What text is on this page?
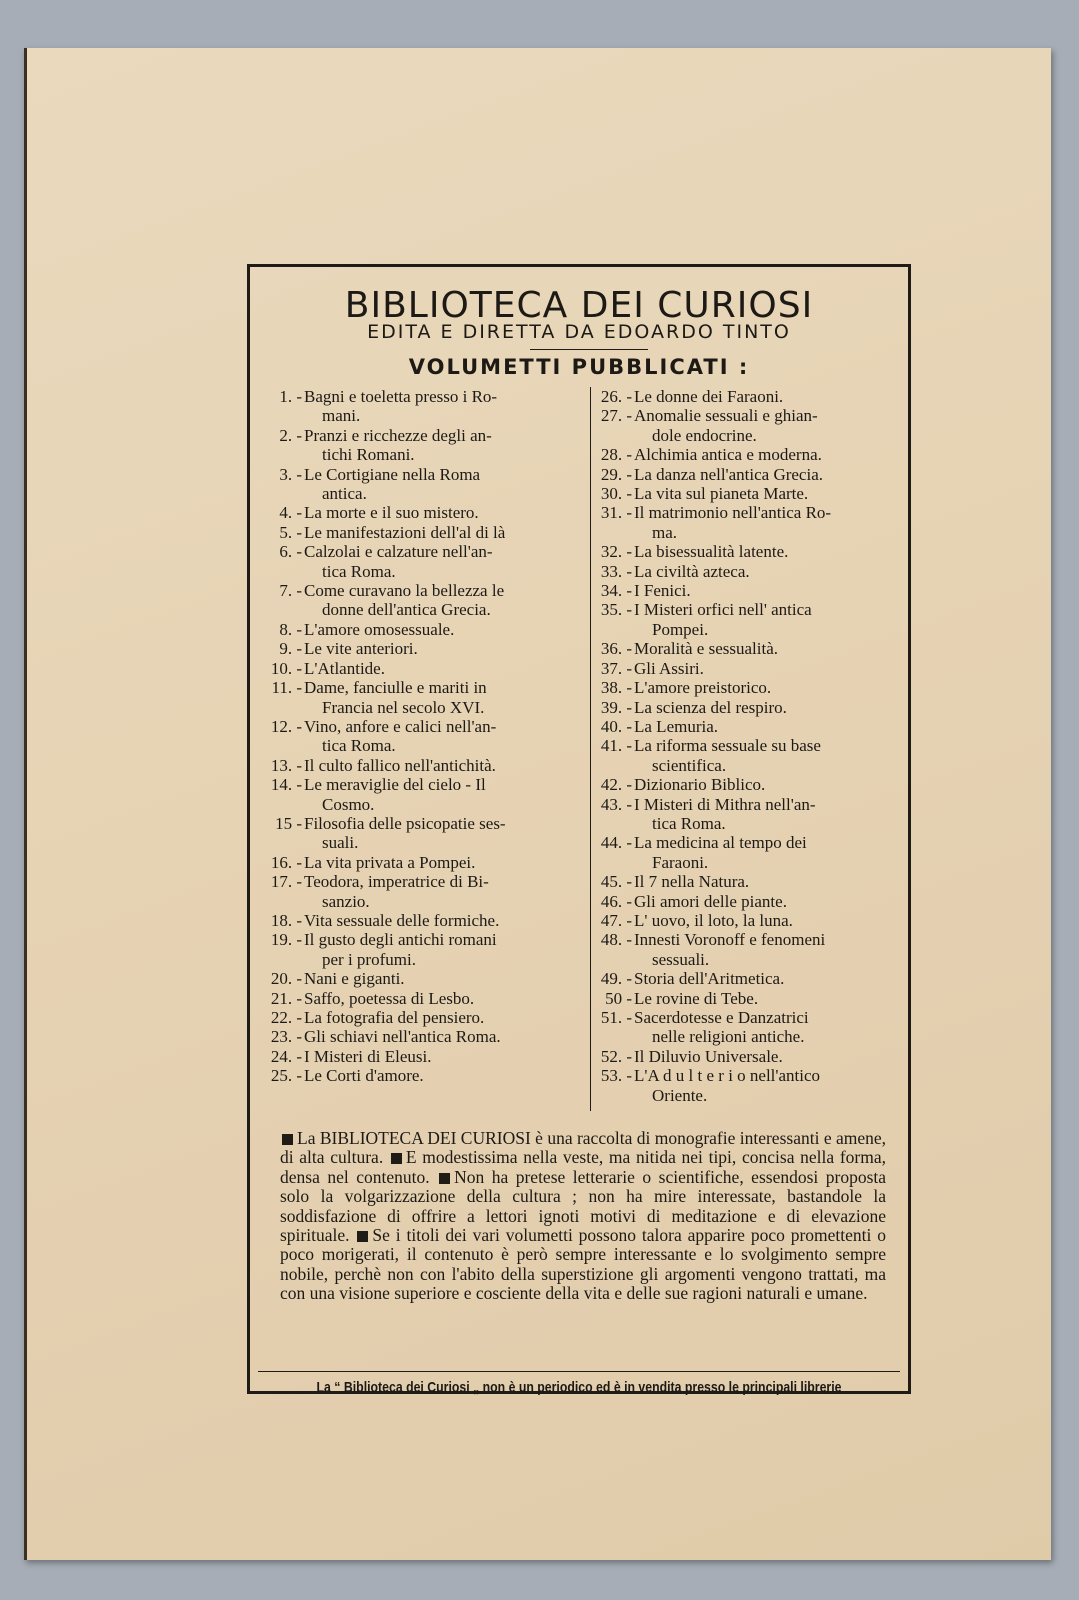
BIBLIOTECA DEI CURIOSI
EDITA E DIRETTA DA EDOARDO TINTO
VOLUMETTI PUBBLICATI :
1. - Bagni e toeletta presso i Ro-
mani.
2. - Pranzi e ricchezze degli an-
tichi Romani.
3. - Le Cortigiane nella Roma
antica.
4. - La morte e il suo mistero.
5. - Le manifestazioni dell'al di là
6. - Calzolai e calzature nell'an-
tica Roma.
7. - Come curavano la bellezza le
donne dell'antica Grecia.
8. - L'amore omosessuale.
9. - Le vite anteriori.
10. - L'Atlantide.
11. - Dame, fanciulle e mariti in
Francia nel secolo XVI.
12. - Vino, anfore e calici nell'an-
tica Roma.
13. - Il culto fallico nell'antichità.
14. - Le meraviglie del cielo - Il
Cosmo.
15 - Filosofia delle psicopatie ses-
suali.
16. - La vita privata a Pompei.
17. - Teodora, imperatrice di Bi-
sanzio.
18. - Vita sessuale delle formiche.
19. - Il gusto degli antichi romani
per i profumi.
20. - Nani e giganti.
21. - Saffo, poetessa di Lesbo.
22. - La fotografia del pensiero.
23. - Gli schiavi nell'antica Roma.
24. - I Misteri di Eleusi.
25. - Le Corti d'amore.
26. - Le donne dei Faraoni.
27. - Anomalie sessuali e ghian-
dole endocrine.
28. - Alchimia antica e moderna.
29. - La danza nell'antica Grecia.
30. - La vita sul pianeta Marte.
31. - Il matrimonio nell'antica Ro-
ma.
32. - La bisessualità latente.
33. - La civiltà azteca.
34. - I Fenici.
35. - I Misteri orfici nell' antica
Pompei.
36. - Moralità e sessualità.
37. - Gli Assiri.
38. - L'amore preistorico.
39. - La scienza del respiro.
40. - La Lemuria.
41. - La riforma sessuale su base
scientifica.
42. - Dizionario Biblico.
43. - I Misteri di Mithra nell'an-
tica Roma.
44. - La medicina al tempo dei
Faraoni.
45. - Il 7 nella Natura.
46. - Gli amori delle piante.
47. - L' uovo, il loto, la luna.
48. - Innesti Voronoff e fenomeni
sessuali.
49. - Storia dell'Aritmetica.
50 - Le rovine di Tebe.
51. - Sacerdotesse e Danzatrici
nelle religioni antiche.
52. - Il Diluvio Universale.
53. - L'A d u l t e r i o nell'antico
Oriente.
La BIBLIOTECA DEI CURIOSI è una raccolta di monografie interessanti e amene, di alta cultura. E modestissima nella veste, ma nitida nei tipi, concisa nella forma, densa nel contenuto. Non ha pretese letterarie o scientifiche, essendosi proposta solo la volgarizzazione della cultura ; non ha mire interessate, bastandole la soddisfazione di offrire a lettori ignoti motivi di meditazione e di elevazione spirituale. Se i titoli dei vari volumetti possono talora apparire poco promettenti o poco morigerati, il contenuto è però sempre interessante e lo svolgimento sempre nobile, perchè non con l'abito della superstizione gli argomenti vengono trattati, ma con una visione superiore e cosciente della vita e delle sue ragioni naturali e umane.
La “ Biblioteca dei Curiosi „ non è un periodico ed è in vendita presso le principali librerie
